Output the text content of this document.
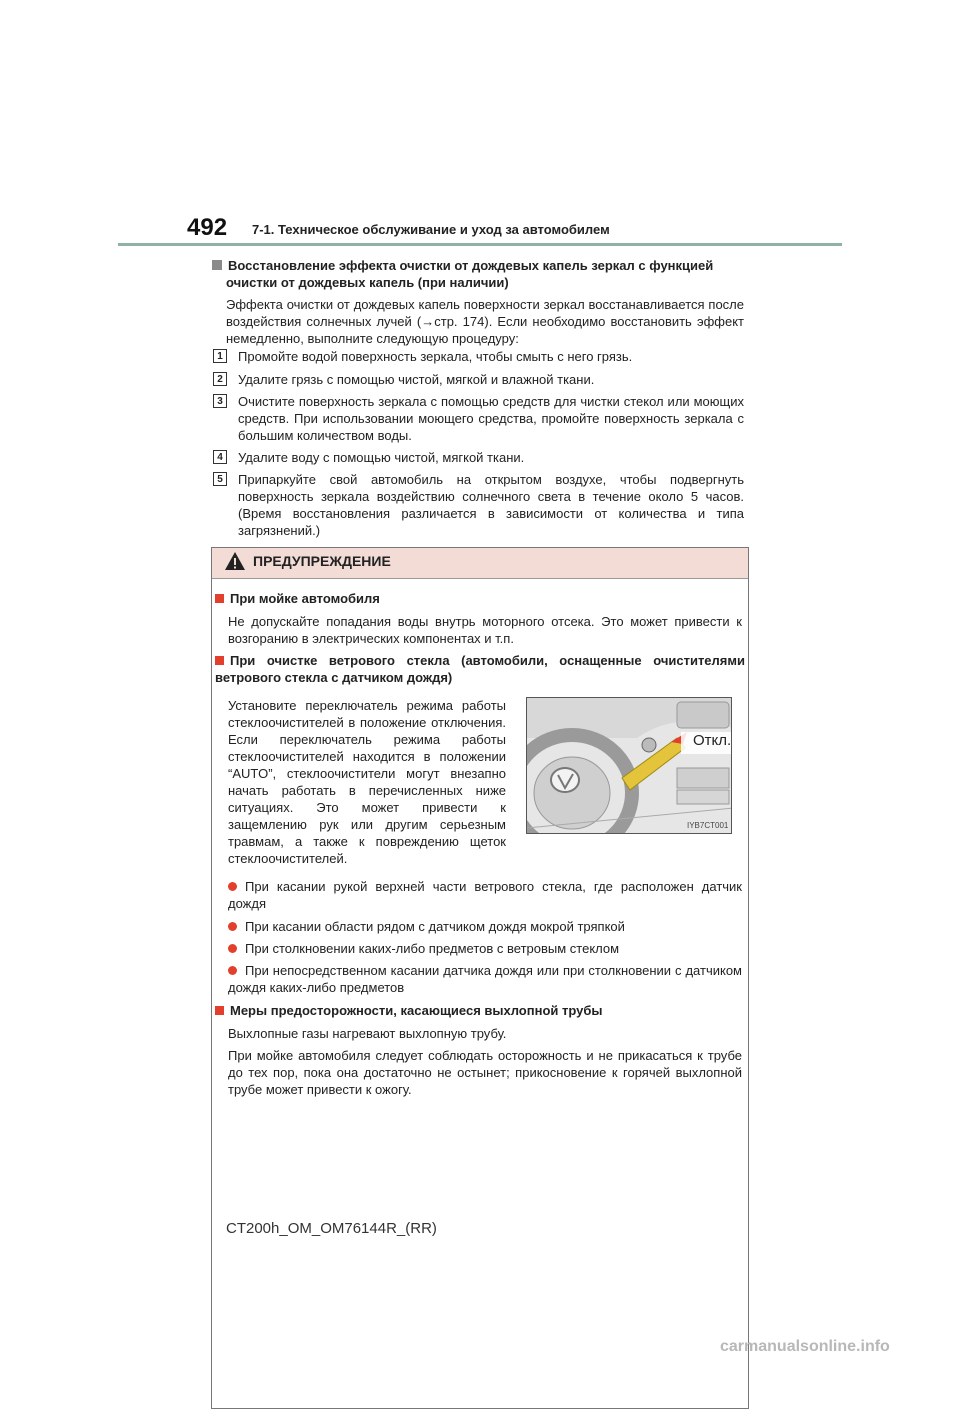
492 7-1. Техническое обслуживание и уход за автомобилем
Восстановление эффекта очистки от дождевых капель зеркал с функцией
очистки от дождевых капель (при наличии)
Эффекта очистки от дождевых капель поверхности зеркал восстанавливается после воздействия солнечных лучей (→стр. 174). Если необходимо восстановить эффект немедленно, выполните следующую процедуру:
1	Промойте водой поверхность зеркала, чтобы смыть с него грязь.
2	Удалите грязь с помощью чистой, мягкой и влажной ткани.
3	Очистите поверхность зеркала с помощью средств для чистки стекол или моющих средств. При использовании моющего средства, промойте поверхность зеркала с большим количеством воды.
4	Удалите воду с помощью чистой, мягкой ткани.
5	Припаркуйте свой автомобиль на открытом воздухе, чтобы подвергнуть поверхность зеркала воздействию солнечного света в течение около 5 часов. (Время восстановления различается в зависимости от количества и типа загрязнений.)
ПРЕДУПРЕЖДЕНИЕ
При мойке автомобиля
Не допускайте попадания воды внутрь моторного отсека. Это может привести к возгоранию в электрических компонентах и т.п.
При очистке ветрового стекла (автомобили, оснащенные очистителями ветрового стекла с датчиком дождя)
Установите переключатель режима работы стеклоочистителей в положение отключения. Если переключатель режима работы стеклоочистителей находится в положении “AUTO”, стеклоочистители могут внезапно начать работать в перечисленных ниже ситуациях. Это может привести к защемлению рук или другим серьезным травмам, а также к повреждению щеток стеклоочистителей.
Откл.
IYB7CT001
При касании рукой верхней части ветрового стекла, где расположен датчик дождя
При касании области рядом с датчиком дождя мокрой тряпкой
При столкновении каких-либо предметов с ветровым стеклом
При непосредственном касании датчика дождя или при столкновении с датчиком дождя каких-либо предметов
Меры предосторожности, касающиеся выхлопной трубы
Выхлопные газы нагревают выхлопную трубу.
При мойке автомобиля следует соблюдать осторожность и не прикасаться к трубе до тех пор, пока она достаточно не остынет; прикосновение к горячей выхлопной трубе может привести к ожогу.
CT200h_OM_OM76144R_(RR)
carmanualsonline.info
